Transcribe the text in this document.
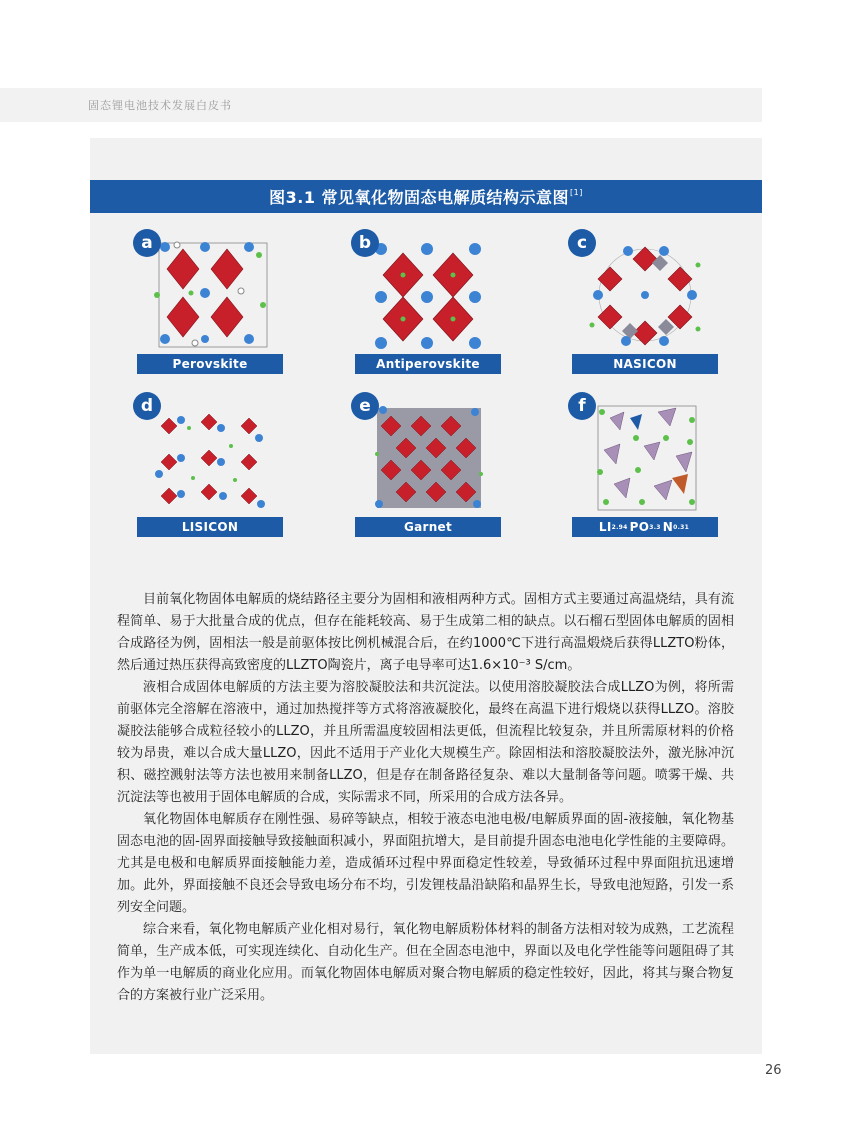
固态锂电池技术发展白皮书
图3.1 常见氧化物固态电解质结构示意图[1]
a
Perovskite
b
Antiperovskite
c
NASICON
d
LISICON
e
Garnet
f
LI 2.94 PO 3.3 N 0.31

目前氧化物固体电解质的烧结路径主要分为固相和液相两种方式。固相方式主要通过高温烧结，具有流程简单、易于大批量合成的优点，但存在能耗较高、易于生成第二相的缺点。以石榴石型固体电解质的固相合成路径为例，固相法一般是前驱体按比例机械混合后，在约1000℃下进行高温煅烧后获得LLZTO粉体，然后通过热压获得高致密度的LLZTO陶瓷片，离子电导率可达1.6×10⁻³ S/cm。

液相合成固体电解质的方法主要为溶胶凝胶法和共沉淀法。以使用溶胶凝胶法合成LLZO为例，将所需前驱体完全溶解在溶液中，通过加热搅拌等方式将溶液凝胶化，最终在高温下进行煅烧以获得LLZO。溶胶凝胶法能够合成粒径较小的LLZO，并且所需温度较固相法更低，但流程比较复杂，并且所需原材料的价格较为昂贵，难以合成大量LLZO，因此不适用于产业化大规模生产。除固相法和溶胶凝胶法外，激光脉冲沉积、磁控溅射法等方法也被用来制备LLZO，但是存在制备路径复杂、难以大量制备等问题。喷雾干燥、共沉淀法等也被用于固体电解质的合成，实际需求不同，所采用的合成方法各异。

氧化物固体电解质存在刚性强、易碎等缺点，相较于液态电池电极/电解质界面的固-液接触，氧化物基固态电池的固-固界面接触导致接触面积减小，界面阻抗增大，是目前提升固态电池电化学性能的主要障碍。尤其是电极和电解质界面接触能力差，造成循环过程中界面稳定性较差，导致循环过程中界面阻抗迅速增加。此外，界面接触不良还会导致电场分布不均，引发锂枝晶沿缺陷和晶界生长，导致电池短路，引发一系列安全问题。

综合来看，氧化物电解质产业化相对易行，氧化物电解质粉体材料的制备方法相对较为成熟，工艺流程简单，生产成本低，可实现连续化、自动化生产。但在全固态电池中，界面以及电化学性能等问题阻碍了其作为单一电解质的商业化应用。而氧化物固体电解质对聚合物电解质的稳定性较好，因此，将其与聚合物复合的方案被行业广泛采用。

26
